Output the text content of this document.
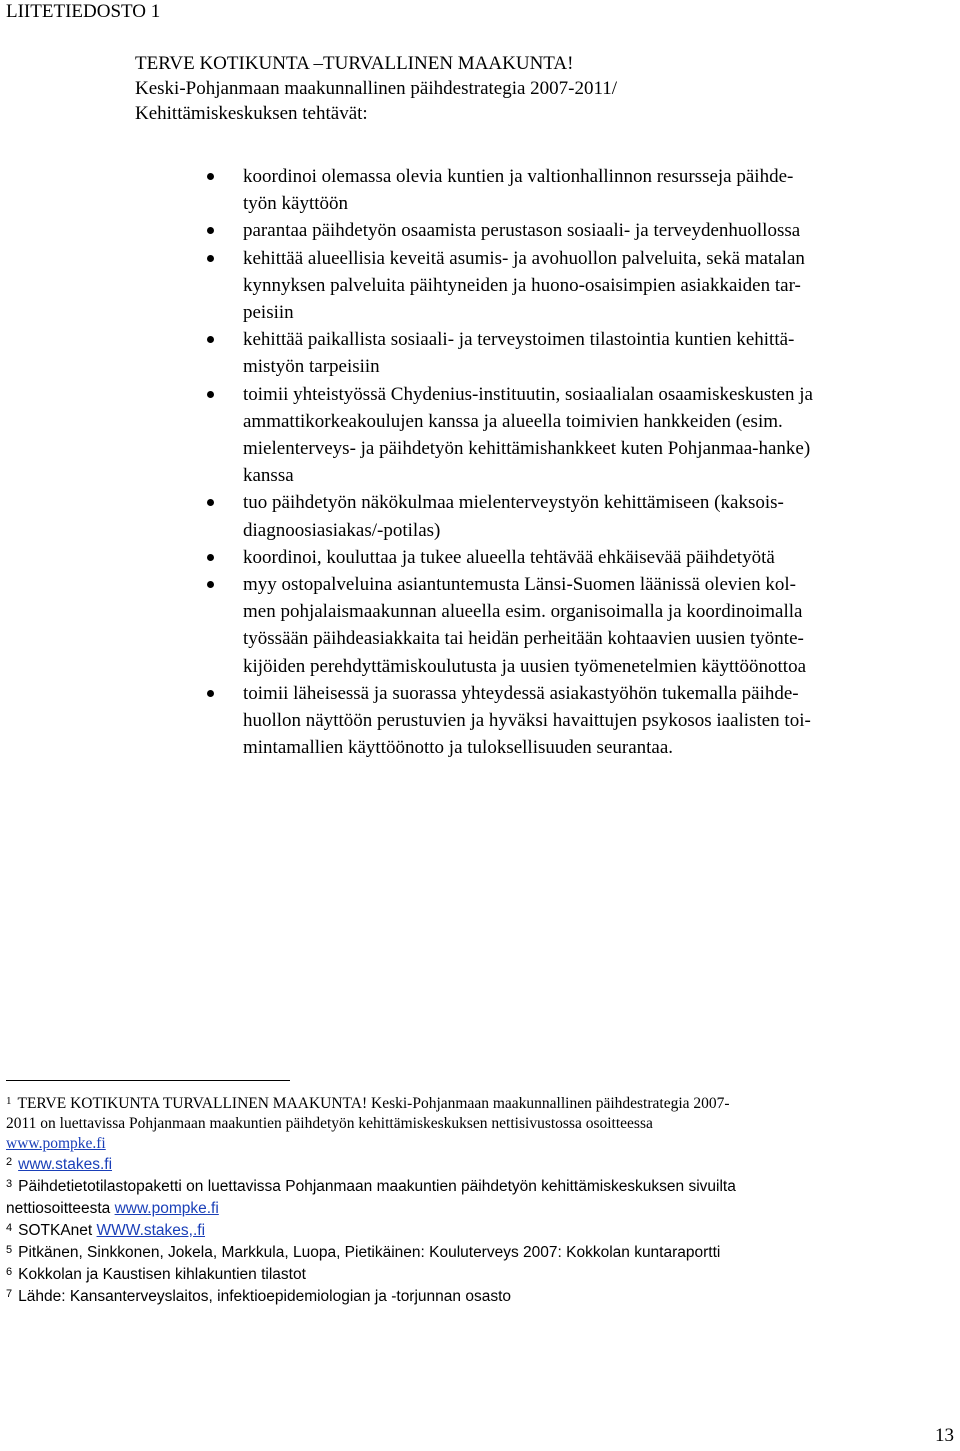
LIITETIEDOSTO 1
TERVE KOTIKUNTA –TURVALLINEN MAAKUNTA!
Keski-Pohjanmaan maakunnallinen päihdestrategia 2007-2011/
Kehittämiskeskuksen tehtävät:
koordinoi olemassa olevia kuntien ja valtionhallinnon resursseja päihde-
työn käyttöön
parantaa päihdetyön osaamista perustason sosiaali- ja terveydenhuollossa
kehittää alueellisia keveitä asumis- ja avohuollon palveluita, sekä matalan
kynnyksen palveluita päihtyneiden ja huono-osaisimpien asiakkaiden tar-
peisiin
kehittää paikallista sosiaali- ja terveystoimen tilastointia kuntien kehittä-
mistyön tarpeisiin
toimii yhteistyössä Chydenius-instituutin, sosiaalialan osaamiskeskusten ja
ammattikorkeakoulujen kanssa ja alueella toimivien hankkeiden (esim.
mielenterveys- ja päihdetyön kehittämishankkeet kuten Pohjanmaa-hanke)
kanssa
tuo päihdetyön näkökulmaa mielenterveystyön kehittämiseen (kaksois-
diagnoosiasiakas/-potilas)
koordinoi, kouluttaa ja tukee alueella tehtävää ehkäisevää päihdetyötä
myy ostopalveluina asiantuntemusta Länsi-Suomen läänissä olevien kol-
men pohjalaismaakunnan alueella esim. organisoimalla ja koordinoimalla
työssään päihdeasiakkaita tai heidän perheitään kohtaavien uusien työnte-
kijöiden perehdyttämiskoulutusta ja uusien työmenetelmien käyttöönottoa
toimii läheisessä ja suorassa yhteydessä asiakastyöhön tukemalla päihde-
huollon näyttöön perustuvien ja hyväksi havaittujen psykosos iaalisten toi-
mintamallien käyttöönotto ja tuloksellisuuden seurantaa.
$^1$ TERVE KOTIKUNTA TURVALLINEN MAAKUNTA! Keski-Pohjanmaan maakunnallinen päihdestrategia 2007-
2011 on luettavissa Pohjanmaan maakuntien päihdetyön kehittämiskeskuksen nettisivustossa osoitteessa
www.pompke.fi
$^2$ www.stakes.fi
$^3$ Päihdetietotilastopaketti on luettavissa Pohjanmaan maakuntien päihdetyön kehittämiskeskuksen sivuilta
nettiosoitteesta www.pompke.fi
$^4$ SOTKAnet WWW.stakes,.fi
$^5$ Pitkänen, Sinkkonen, Jokela, Markkula, Luopa, Pietikäinen: Kouluterveys 2007: Kokkolan kuntaraportti
$^6$ Kokkolan ja Kaustisen kihlakuntien tilastot
$^7$ Lähde: Kansanterveyslaitos, infektioepidemiologian ja -torjunnan osasto
13
